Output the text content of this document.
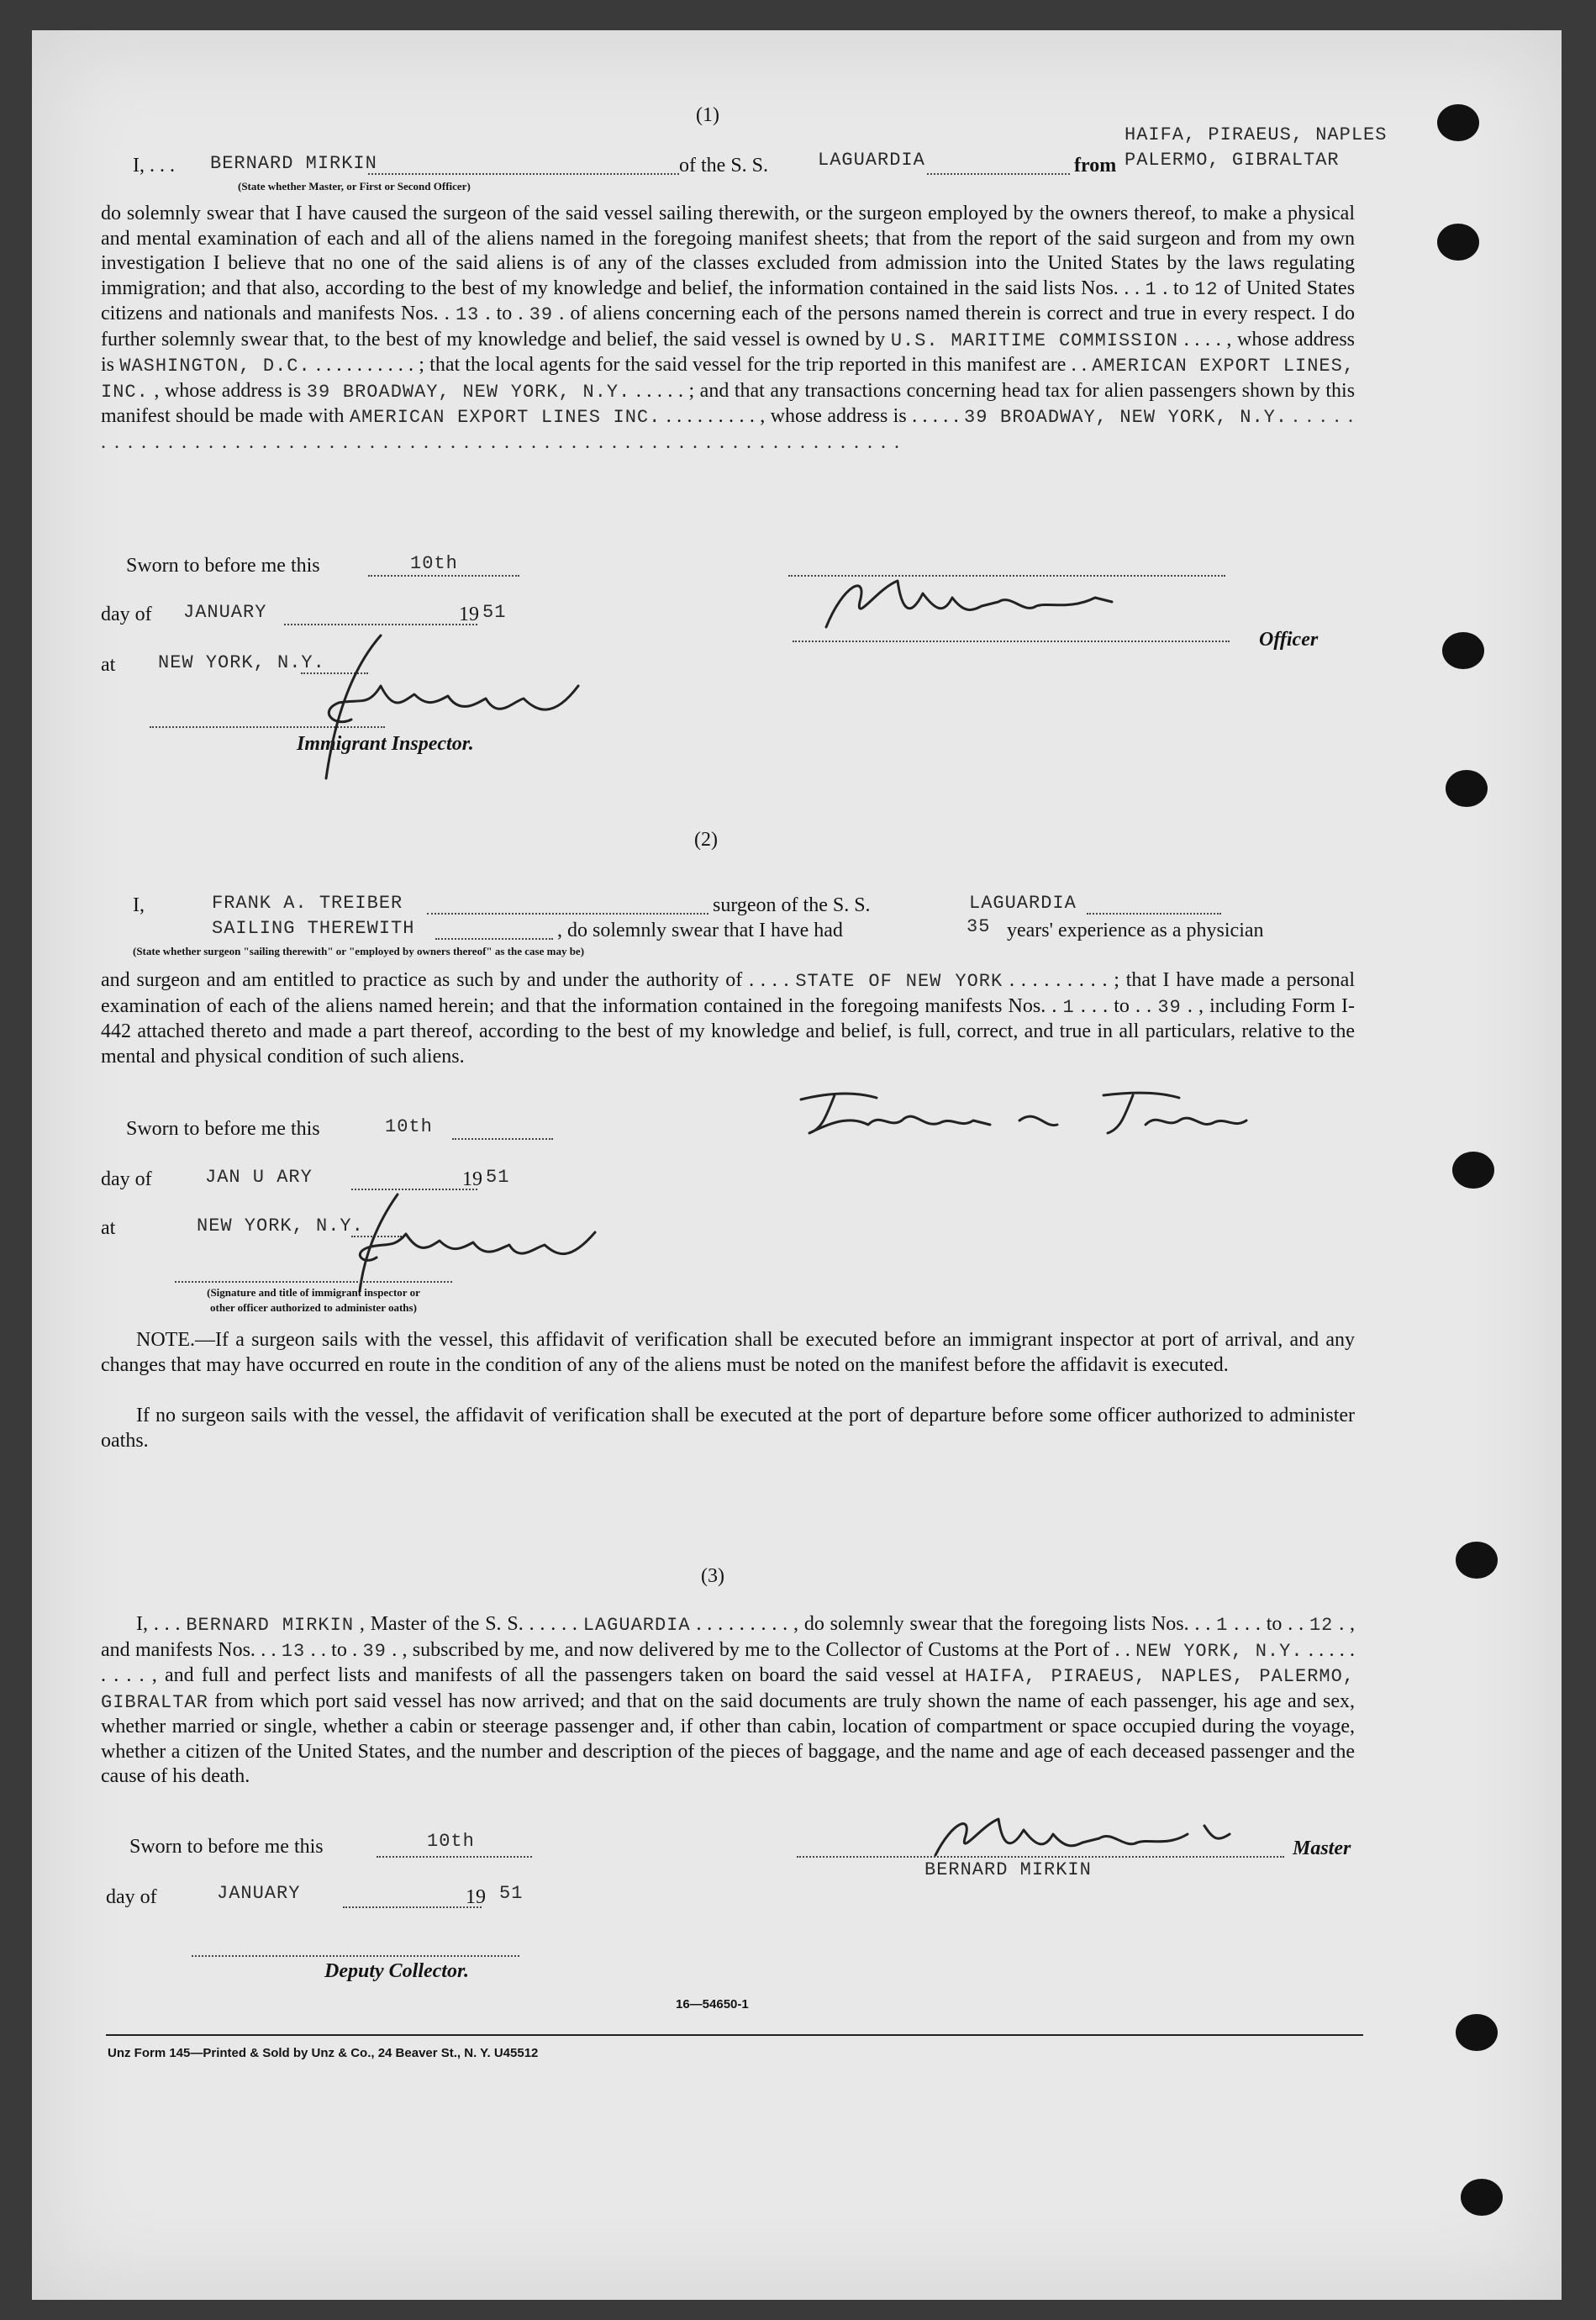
(1)
I, . . . BERNARD MIRKIN	of the S. S.	LAGUARDIA	from
HAIFA, PIRAEUS, NAPLES
PALERMO, GIBRALTAR
(State whether Master, or First or Second Officer)
do solemnly swear that I have caused the surgeon of the said vessel sailing therewith, or the surgeon employed by the owners thereof, to make a physical and mental examination of each and all of the aliens named in the foregoing manifest sheets; that from the report of the said surgeon and from my own investigation I believe that no one of the said aliens is of any of the classes excluded from admission into the United States by the laws regulating immigration; and that also, according to the best of my knowledge and belief, the information contained in the said lists Nos. . . 1 . to 12 of United States citizens and nationals and manifests Nos. . 13 . to . 39 . of aliens concerning each of the persons named therein is correct and true in every respect. I do further solemnly swear that, to the best of my knowledge and belief, the said vessel is owned by U.S. MARITIME COMMISSION . . . . , whose address is WASHINGTON, D.C. . . . . . . . . . . ; that the local agents for the said vessel for the trip reported in this manifest are . . AMERICAN EXPORT LINES, INC. , whose address is 39 BROADWAY, NEW YORK, N.Y. . . . . . ; and that any transactions concerning head tax for alien passengers shown by this manifest should be made with AMERICAN EXPORT LINES INC. . . . . . . . . . , whose address is . . . . . 39 BROADWAY, NEW YORK, N.Y. . . . . . . . . . . . . . . . . . . . . . . . . . . . . . . . . . . . . . . . . . . . . . . . . . . . . . . . . . . . . . . . . .
Sworn to before me this	10th
day of JANUARY	19 51
at NEW YORK, N.Y.
Officer
Immigrant Inspector.
(2)
I,	FRANK A. TREIBER	surgeon of the S. S.	LAGUARDIA
SAILING THEREWITH	, do solemnly swear that I have had	35 years' experience as a physician
(State whether surgeon "sailing therewith" or "employed by owners thereof" as the case may be)
and surgeon and am entitled to practice as such by and under the authority of . . . . STATE OF NEW YORK . . . . . . . . . ; that I have made a personal examination of each of the aliens named herein; and that the information contained in the foregoing manifests Nos. . 1 . . . to . . 39 . , including Form I-442 attached thereto and made a part thereof, according to the best of my knowledge and belief, is full, correct, and true in all particulars, relative to the mental and physical condition of such aliens.
Sworn to before me this	10th
day of	JAN U ARY	19 51
at	NEW YORK, N.Y.
(Signature and title of immigrant inspector or
other officer authorized to administer oaths)
NOTE.—If a surgeon sails with the vessel, this affidavit of verification shall be executed before an immigrant inspector at port of arrival, and any changes that may have occurred en route in the condition of any of the aliens must be noted on the manifest before the affidavit is executed.
If no surgeon sails with the vessel, the affidavit of verification shall be executed at the port of departure before some officer authorized to administer oaths.
(3)
I, . . . BERNARD MIRKIN , Master of the S. S. . . . . . LAGUARDIA . . . . . . . . . , do solemnly swear that the foregoing lists Nos. . . 1 . . . to . . 12 . , and manifests Nos. . . 13 . . to . 39 . , subscribed by me, and now delivered by me to the Collector of Customs at the Port of . . NEW YORK, N.Y. . . . . . . . . . , and full and perfect lists and manifests of all the passengers taken on board the said vessel at HAIFA, PIRAEUS, NAPLES, PALERMO, GIBRALTAR from which port said vessel has now arrived; and that on the said documents are truly shown the name of each passenger, his age and sex, whether married or single, whether a cabin or steerage passenger and, if other than cabin, location of compartment or space occupied during the voyage, whether a citizen of the United States, and the number and description of the pieces of baggage, and the name and age of each deceased passenger and the cause of his death.
Sworn to before me this	10th	Master
BERNARD MIRKIN
day of	JANUARY	19 51
Deputy Collector.
16—54650-1
Unz Form 145—Printed & Sold by Unz & Co., 24 Beaver St., N. Y. U45512
